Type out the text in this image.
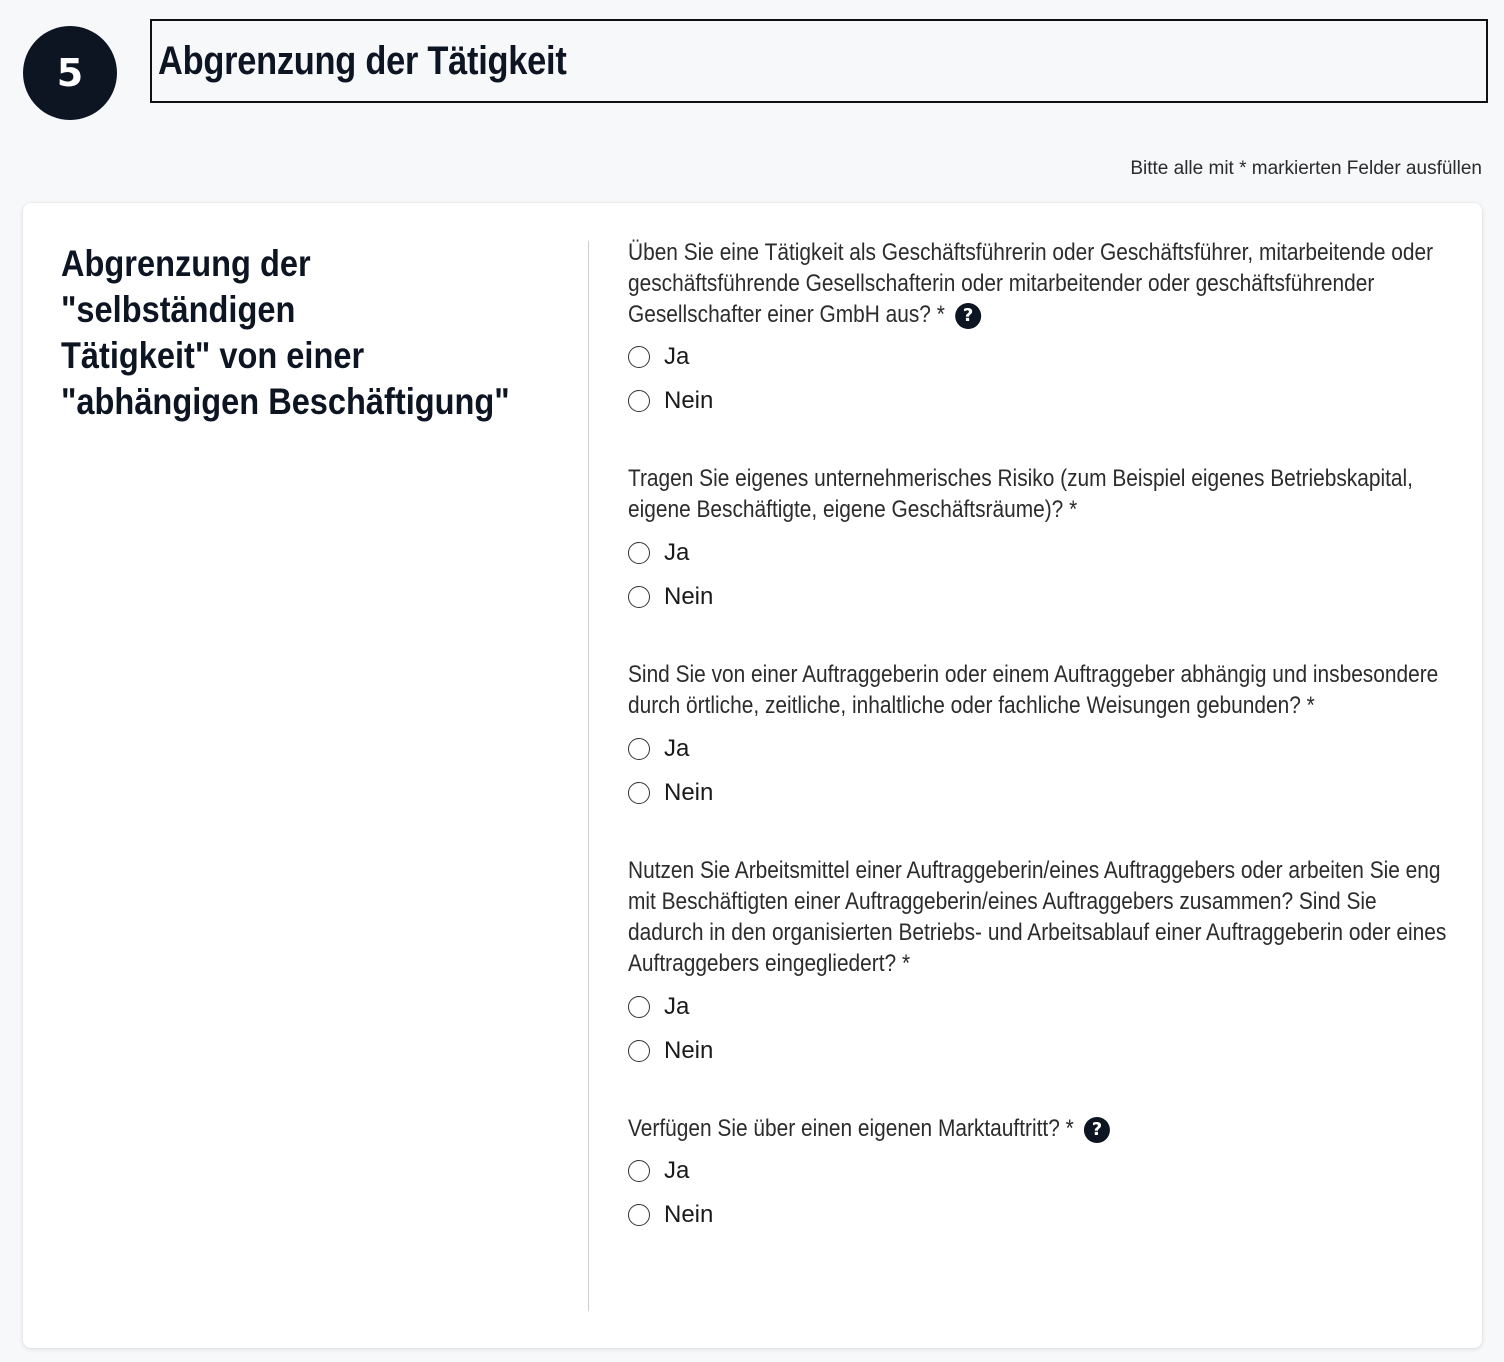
5 Abgrenzung der Tätigkeit
Bitte alle mit * markierten Felder ausfüllen
Abgrenzung der "selbständigen
Tätigkeit" von einer
"abhängigen Beschäftigung"
Üben Sie eine Tätigkeit als Geschäftsführerin oder Geschäftsführer, mitarbeitende oder geschäftsführende Gesellschafterin oder mitarbeitender oder geschäftsführender Gesellschafter einer GmbH aus? * ?
Ja
Nein
Tragen Sie eigenes unternehmerisches Risiko (zum Beispiel eigenes Betriebskapital, eigene Beschäftigte, eigene Geschäftsräume)? *
Ja
Nein
Sind Sie von einer Auftraggeberin oder einem Auftraggeber abhängig und insbesondere durch örtliche, zeitliche, inhaltliche oder fachliche Weisungen gebunden? *
Ja
Nein
Nutzen Sie Arbeitsmittel einer Auftraggeberin/eines Auftraggebers oder arbeiten Sie eng mit Beschäftigten einer Auftraggeberin/eines Auftraggebers zusammen? Sind Sie dadurch in den organisierten Betriebs- und Arbeitsablauf einer Auftraggeberin oder eines Auftraggebers eingegliedert? *
Ja
Nein
Verfügen Sie über einen eigenen Marktauftritt? * ?
Ja
Nein
